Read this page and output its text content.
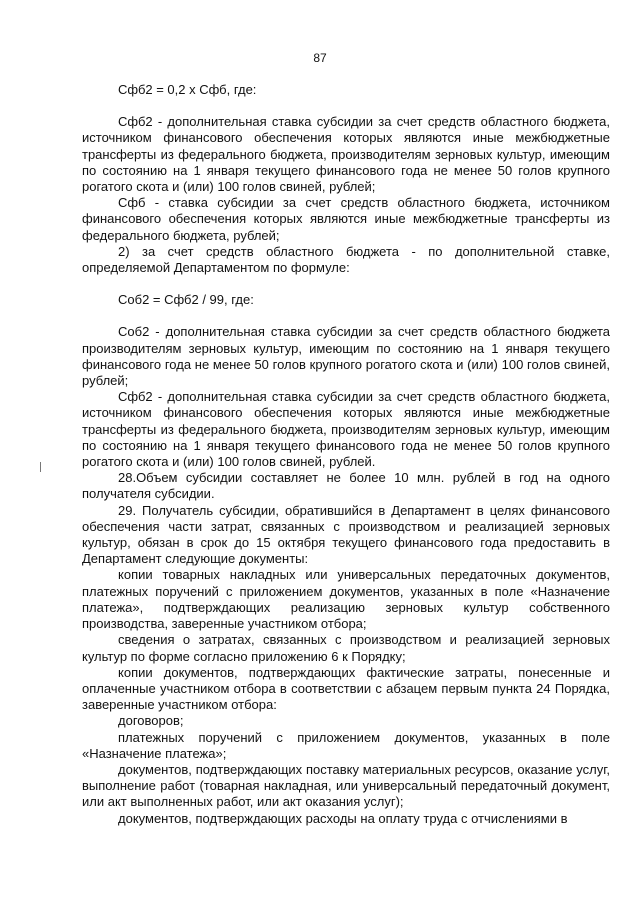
87

Сфб2 = 0,2 х Сфб, где:

Сфб2 - дополнительная ставка субсидии за счет средств областного бюджета, источником финансового обеспечения которых являются иные межбюджетные трансферты из федерального бюджета, производителям зерновых культур, имеющим по состоянию на 1 января текущего финансового года не менее 50 голов крупного рогатого скота и (или) 100 голов свиней, рублей;

Сфб - ставка субсидии за счет средств областного бюджета, источником финансового обеспечения которых являются иные межбюджетные трансферты из федерального бюджета, рублей;

2) за счет средств областного бюджета - по дополнительной ставке, определяемой Департаментом по формуле:

Соб2 = Сфб2 / 99, где:

Соб2 - дополнительная ставка субсидии за счет средств областного бюджета производителям зерновых культур, имеющим по состоянию на 1 января текущего финансового года не менее 50 голов крупного рогатого скота и (или) 100 голов свиней, рублей;

Сфб2 - дополнительная ставка субсидии за счет средств областного бюджета, источником финансового обеспечения которых являются иные межбюджетные трансферты из федерального бюджета, производителям зерновых культур, имеющим по состоянию на 1 января текущего финансового года не менее 50 голов крупного рогатого скота и (или) 100 голов свиней, рублей.

28.Объем субсидии составляет не более 10 млн. рублей в год на одного получателя субсидии.

29. Получатель субсидии, обратившийся в Департамент в целях финансового обеспечения части затрат, связанных с производством и реализацией зерновых культур, обязан в срок до 15 октября текущего финансового года предоставить в Департамент следующие документы:

копии товарных накладных или универсальных передаточных документов, платежных поручений с приложением документов, указанных в поле «Назначение платежа», подтверждающих реализацию зерновых культур собственного производства, заверенные участником отбора;

сведения о затратах, связанных с производством и реализацией зерновых культур по форме согласно приложению 6 к Порядку;

копии документов, подтверждающих фактические затраты, понесенные и оплаченные участником отбора в соответствии с абзацем первым пункта 24 Порядка, заверенные участником отбора:

договоров;

платежных поручений с приложением документов, указанных в поле «Назначение платежа»;

документов, подтверждающих поставку материальных ресурсов, оказание услуг, выполнение работ (товарная накладная, или универсальный передаточный документ, или акт выполненных работ, или акт оказания услуг);

документов, подтверждающих расходы на оплату труда с отчислениями в
